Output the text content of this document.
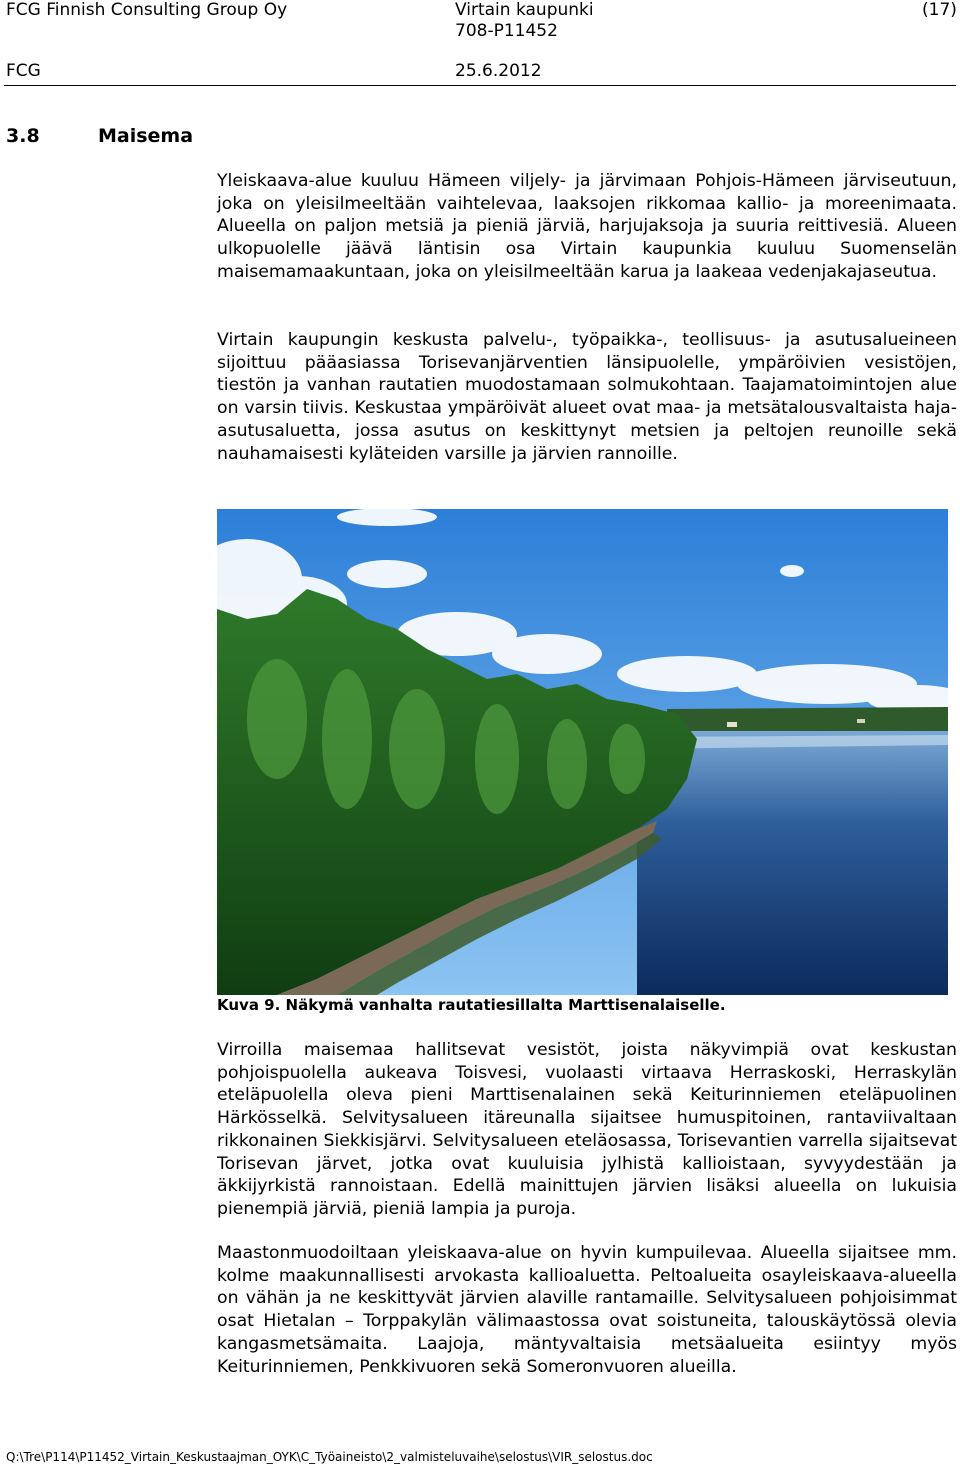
FCG Finnish Consulting Group Oy	Virtain kaupunki	(17)
708-P11452
FCG	25.6.2012
3.8	Maisema

Yleiskaava-alue kuuluu Hämeen viljely- ja järvimaan Pohjois-Hämeen järviseutuun, joka on yleisilmeeltään vaihtelevaa, laaksojen rikkomaa kallio- ja moreenimaata. Alueella on paljon metsiä ja pieniä järviä, harjujaksoja ja suuria reittivesiä. Alueen ulkopuolelle jäävä läntisin osa Virtain kaupunkia kuuluu Suomenselän maisemamaakuntaan, joka on yleisilmeeltään karua ja laakeaa vedenjakajaseutua.

Virtain kaupungin keskusta palvelu-, työpaikka-, teollisuus- ja asutusalueineen sijoittuu pääasiassa Torisevanjärventien länsipuolelle, ympäröivien vesistöjen, tiestön ja vanhan rautatien muodostamaan solmukohtaan. Taajamatoimintojen alue on varsin tiivis. Keskustaa ympäröivät alueet ovat maa- ja metsätalousvaltaista haja-asutusaluetta, jossa asutus on keskittynyt metsien ja peltojen reunoille sekä nauhamaisesti kyläteiden varsille ja järvien rannoille.

Kuva 9. Näkymä vanhalta rautatiesillalta Marttisenalaiselle.

Virroilla maisemaa hallitsevat vesistöt, joista näkyvimpiä ovat keskustan pohjoispuolella aukeava Toisvesi, vuolaasti virtaava Herraskoski, Herraskylän eteläpuolella oleva pieni Marttisenalainen sekä Keiturinniemen eteläpuolinen Härkösselkä. Selvitysalueen itäreunalla sijaitsee humuspitoinen, rantaviivaltaan rikkonainen Siekkisjärvi. Selvitysalueen eteläosassa, Torisevantien varrella sijaitsevat Torisevan järvet, jotka ovat kuuluisia jylhistä kallioistaan, syvyydestään ja äkkijyrkistä rannoistaan. Edellä mainittujen järvien lisäksi alueella on lukuisia pienempiä järviä, pieniä lampia ja puroja.

Maastonmuodoiltaan yleiskaava-alue on hyvin kumpuilevaa. Alueella sijaitsee mm. kolme maakunnallisesti arvokasta kallioaluetta. Peltoalueita osayleiskaava-alueella on vähän ja ne keskittyvät järvien alaville rantamaille. Selvitysalueen pohjoisimmat osat Hietalan – Torppakylän välimaastossa ovat soistuneita, talouskäytössä olevia kangasmetsämaita. Laajoja, mäntyvaltaisia metsäalueita esiintyy myös Keiturinniemen, Penkkivuoren sekä Someronvuoren alueilla.

Q:\Tre\P114\P11452_Virtain_Keskustaajman_OYK\C_Työaineisto\2_valmisteluvaihe\selostus\VIR_selostus.doc
